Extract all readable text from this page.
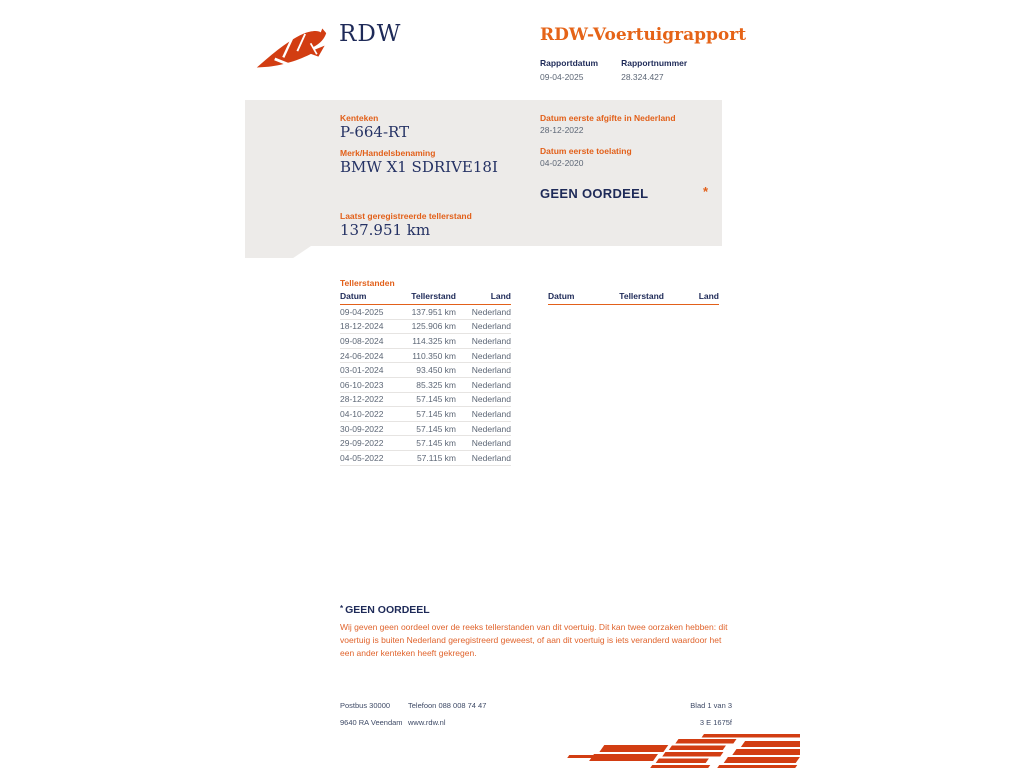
RDW	RDW-Voertuigrapport
Rapportdatum
09-04-2025
Rapportnummer
28.324.427
Kenteken
P-664-RT
Merk/Handelsbenaming
BMW X1 SDRIVE18I
Laatst geregistreerde tellerstand
137.951 km
Datum eerste afgifte in Nederland
28-12-2022
Datum eerste toelating
04-02-2020
GEEN OORDEEL	*
Tellerstanden
Datum	Tellerstand	Land
09-04-2025	137.951 km	Nederland
18-12-2024	125.906 km	Nederland
09-08-2024	114.325 km	Nederland
24-06-2024	110.350 km	Nederland
03-01-2024	93.450 km	Nederland
06-10-2023	85.325 km	Nederland
28-12-2022	57.145 km	Nederland
04-10-2022	57.145 km	Nederland
30-09-2022	57.145 km	Nederland
29-09-2022	57.145 km	Nederland
04-05-2022	57.115 km	Nederland
Datum	Tellerstand	Land
* GEEN OORDEEL
Wij geven geen oordeel over de reeks tellerstanden van dit voertuig. Dit kan twee oorzaken hebben: dit voertuig is buiten Nederland geregistreerd geweest, of aan dit voertuig is iets veranderd waardoor het een ander kenteken heeft gekregen.
Postbus 30000	Telefoon 088 008 74 47	Blad 1 van 3
9640 RA Veendam www.rdw.nl	3 E 1675f
